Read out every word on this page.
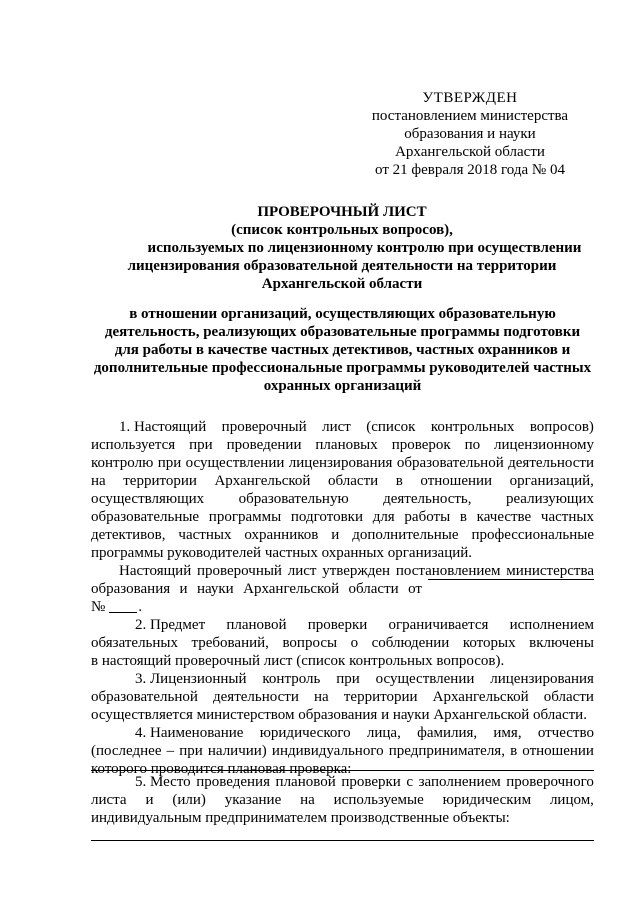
УТВЕРЖДЕН
постановлением министерства
образования и науки
Архангельской области
от 21 февраля 2018 года № 04
ПРОВЕРОЧНЫЙ ЛИСТ
(список контрольных вопросов),
используемых по лицензионному контролю при осуществлении
лицензирования образовательной деятельности на территории
Архангельской области
в отношении организаций, осуществляющих образовательную
деятельность, реализующих образовательные программы подготовки
для работы в качестве частных детективов, частных охранников и
дополнительные профессиональные программы руководителей частных
охранных организаций
1. Настоящий проверочный лист (список контрольных вопросов)
используется при проведении плановых проверок по лицензионному
контролю при осуществлении лицензирования образовательной деятельности
на территории Архангельской области в отношении организаций,
осуществляющих образовательную деятельность, реализующих
образовательные программы подготовки для работы в качестве частных
детективов, частных охранников и дополнительные профессиональные
программы руководителей частных охранных организаций.
Настоящий проверочный лист утвержден постановлением министерства
образования и науки Архангельской области от
№ .
2. Предмет плановой проверки ограничивается исполнением
обязательных требований, вопросы о соблюдении которых включены
в настоящий проверочный лист (список контрольных вопросов).
3. Лицензионный контроль при осуществлении лицензирования
образовательной деятельности на территории Архангельской области
осуществляется министерством образования и науки Архангельской области.
4. Наименование юридического лица, фамилия, имя, отчество
(последнее – при наличии) индивидуального предпринимателя, в отношении
которого проводится плановая проверка:
5. Место проведения плановой проверки с заполнением проверочного
листа и (или) указание на используемые юридическим лицом,
индивидуальным предпринимателем производственные объекты:
